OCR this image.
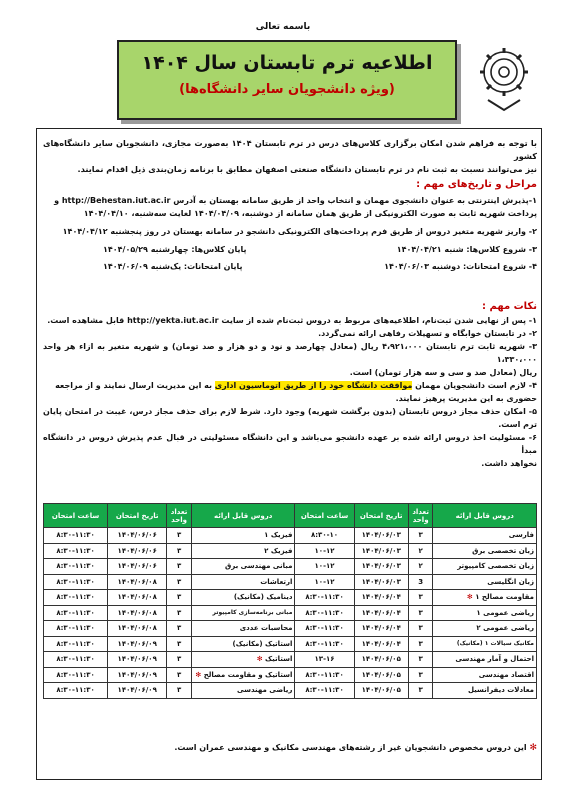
باسمه تعالی
اطلاعیه ترم تابستان سال ۱۴۰۴
(ویژه دانشجویان سایر دانشگاه‌ها)
با توجه به فراهم شدن امکان برگزاری کلاس‌های درس در ترم تابستان ۱۴۰۴ به‌صورت مجازی، دانشجویان سایر دانشگاه‌های کشور
نیز می‌توانند نسبت به ثبت نام در ترم تابستان دانشگاه صنعتی اصفهان مطابق با برنامه زمان‌بندی ذیل اقدام نمایند.
مراحل و تاریخ‌های مهم :
۱-پذیرش اینترنتی به عنوان دانشجوی مهمان و انتخاب واحد از طریق سامانه بهستان به آدرس http://Behestan.iut.ac.ir و
پرداخت شهریه ثابت به صورت الکترونیکی از طریق همان سامانه از دوشنبه، ۱۴۰۴/۰۴/۰۹ لغایت سه‌شنبه، ۱۴۰۴/۰۴/۱۰
۲- واریز شهریه متغیر دروس از طریق فرم پرداخت‌های الکترونیکی دانشجو در سامانه بهستان در روز پنجشنبه ۱۴۰۴/۰۴/۱۲
۳- شروع کلاس‌ها: شنبه ۱۴۰۴/۰۴/۲۱
پایان کلاس‌ها: چهارشنبه ۱۴۰۴/۰۵/۲۹
۴- شروع امتحانات: دوشنبه ۱۴۰۴/۰۶/۰۳
پایان امتحانات: یک‌شنبه ۱۴۰۴/۰۶/۰۹
نکات مهم :

۱- پس از نهایی شدن ثبت‌نام، اطلاعیه‌های مربوط به دروس ثبت‌نام شده از سایت http://yekta.iut.ac.ir قابل مشاهده است.

۲- در تابستان خوابگاه و تسهیلات رفاهی ارائه نمی‌گردد.

۳- شهریه ثابت ترم تابستان ۴،۹۲۱،۰۰۰ ریال (معادل چهارصد و نود و دو هزار و صد تومان) و شهریه متغیر به ازاء هر واحد ۱،۳۳۰،۰۰۰

ریال (معادل صد و سی و سه هزار تومان) است.

۴- لازم است دانشجویان مهمان موافقت دانشگاه خود را از طریق اتوماسیون اداری به این مدیریت ارسال نمایند و از مراجعه

حضوری به این مدیریت پرهیز نمایند.

۵- امکان حذف مجاز دروس تابستان (بدون برگشت شهریه) وجود دارد. شرط لازم برای حذف مجاز درس، غیبت در امتحان پایان ترم است.

۶- مسئولیت اخذ دروس ارائه شده بر عهده دانشجو می‌باشد و این دانشگاه مسئولیتی در قبال عدم پذیرش دروس در دانشگاه مبدأ

نخواهد داشت.

دروس قابل ارائه	تعداد واحد	تاریخ امتحان	ساعت امتحان	دروس قابل ارائه	تعداد واحد	تاریخ امتحان	ساعت امتحان
فارسی	۳	۱۴۰۴/۰۶/۰۳	۸:۳۰-۱۰	فیزیک ۱	۳	۱۴۰۴/۰۶/۰۶	۸:۳۰-۱۱:۳۰
زبان تخصصی برق	۲	۱۴۰۴/۰۶/۰۳	۱۰-۱۲	فیزیک ۲	۳	۱۴۰۴/۰۶/۰۶	۸:۳۰-۱۱:۳۰
زبان تخصصی کامپیوتر	۲	۱۴۰۴/۰۶/۰۳	۱۰-۱۲	مبانی مهندسی برق	۳	۱۴۰۴/۰۶/۰۶	۸:۳۰-۱۱:۳۰
زبان انگلیسی	3	۱۴۰۴/۰۶/۰۳	۱۰-۱۲	ارتعاشات	۳	۱۴۰۴/۰۶/۰۸	۸:۳۰-۱۱:۳۰
مقاومت مصالح ۱ ✻	۳	۱۴۰۴/۰۶/۰۴	۸:۳۰-۱۱:۳۰	دینامیک (مکانیک)	۳	۱۴۰۴/۰۶/۰۸	۸:۳۰-۱۱:۳۰
ریاضی عمومی ۱	۳	۱۴۰۴/۰۶/۰۴	۸:۳۰-۱۱:۳۰	مبانی برنامه‌سازی کامپیوتر	۳	۱۴۰۴/۰۶/۰۸	۸:۳۰-۱۱:۳۰
ریاضی عمومی ۲	۳	۱۴۰۴/۰۶/۰۴	۸:۳۰-۱۱:۳۰	محاسبات عددی	۳	۱۴۰۴/۰۶/۰۸	۸:۳۰-۱۱:۳۰
مکانیک سیالات ۱ (مکانیک)	۳	۱۴۰۴/۰۶/۰۴	۸:۳۰-۱۱:۳۰	استاتیک (مکانیک)	۳	۱۴۰۴/۰۶/۰۹	۸:۳۰-۱۱:۳۰
احتمال و آمار مهندسی	۳	۱۴۰۴/۰۶/۰۵	۱۳-۱۶	استاتیک ✻	۳	۱۴۰۴/۰۶/۰۹	۸:۳۰-۱۱:۳۰
اقتصاد مهندسی	۳	۱۴۰۴/۰۶/۰۵	۸:۳۰-۱۱:۳۰	استاتیک و مقاومت مصالح ✻	۳	۱۴۰۴/۰۶/۰۹	۸:۳۰-۱۱:۳۰
معادلات دیفرانسیل	۳	۱۴۰۴/۰۶/۰۵	۸:۳۰-۱۱:۳۰	ریاضی مهندسی	۳	۱۴۰۴/۰۶/۰۹	۸:۳۰-۱۱:۳۰
✻ این دروس مخصوص دانشجویان غیر از رشته‌های مهندسی مکانیک و مهندسی عمران است.
